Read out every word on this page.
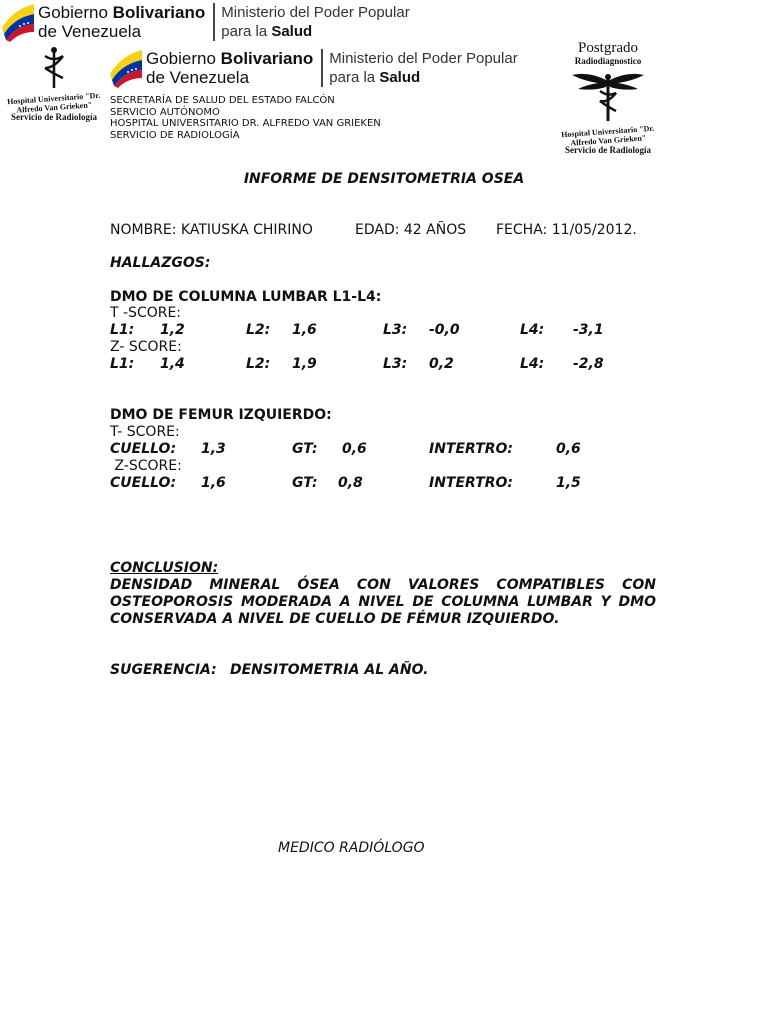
Gobierno Bolivariano
de Venezuela
Ministerio del Poder Popular
para la Salud
Gobierno Bolivariano
de Venezuela
Ministerio del Poder Popular
para la Salud
Hospital Universitario "Dr. Alfredo Van Grieken"
Servicio de Radiología
Postgrado
Radiodiagnostico
Hospital Universitario "Dr. Alfredo Van Grieken"
Servicio de Radiología
SECRETARÍA DE SALUD DEL ESTADO FALCÓN
SERVICIO AUTÓNOMO
HOSPITAL UNIVERSITARIO DR. ALFREDO VAN GRIEKEN
SERVICIO DE RADIOLOGÍA
INFORME DE DENSITOMETRIA OSEA
NOMBRE: KATIUSKA CHIRINO	EDAD: 42 AÑOS FECHA: 11/05/2012.
HALLAZGOS:
DMO DE COLUMNA LUMBAR L1-L4:
T -SCORE:
L1: 1,2	L2: 1,6	L3: -0,0	L4: -3,1
Z- SCORE:
L1: 1,4	L2: 1,9	L3: 0,2	L4: -2,8
DMO DE FEMUR IZQUIERDO:
T- SCORE:
CUELLO: 1,3	GT: 0,6	INTERTRO:	0,6
Z-SCORE:
CUELLO: 1,6	GT: 0,8	INTERTRO:	1,5
CONCLUSION:
DENSIDAD MINERAL ÓSEA CON VALORES COMPATIBLES CON OSTEOPOROSIS MODERADA A NIVEL DE COLUMNA LUMBAR Y DMO CONSERVADA A NIVEL DE CUELLO DE FÉMUR IZQUIERDO.
SUGERENCIA: DENSITOMETRIA AL AÑO.
MEDICO RADIÓLOGO
